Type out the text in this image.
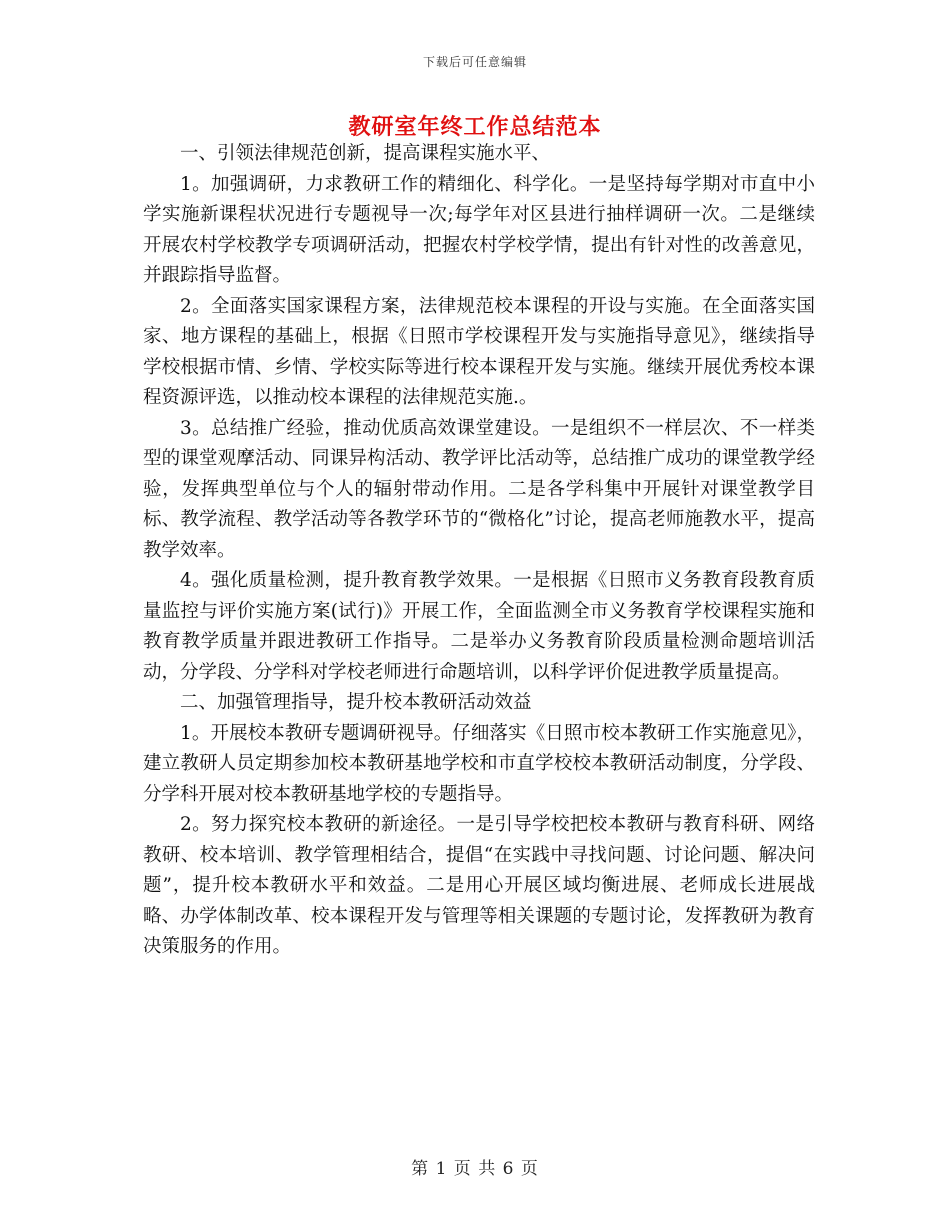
下载后可任意编辑
教研室年终工作总结范本

一、引领法律规范创新，提高课程实施水平、

1。加强调研，力求教研工作的精细化、科学化。一是坚持每学期对市直中小学实施新课程状况进行专题视导一次;每学年对区县进行抽样调研一次。二是继续开展农村学校教学专项调研活动，把握农村学校学情，提出有针对性的改善意见，并跟踪指导监督。

2。全面落实国家课程方案，法律规范校本课程的开设与实施。在全面落实国家、地方课程的基础上，根据《日照市学校课程开发与实施指导意见》，继续指导学校根据市情、乡情、学校实际等进行校本课程开发与实施。继续开展优秀校本课程资源评选，以推动校本课程的法律规范实施.。

3。总结推广经验，推动优质高效课堂建设。一是组织不一样层次、不一样类型的课堂观摩活动、同课异构活动、教学评比活动等，总结推广成功的课堂教学经验，发挥典型单位与个人的辐射带动作用。二是各学科集中开展针对课堂教学目标、教学流程、教学活动等各教学环节的“微格化”讨论，提高老师施教水平，提高教学效率。

4。强化质量检测，提升教育教学效果。一是根据《日照市义务教育段教育质量监控与评价实施方案(试行)》开展工作，全面监测全市义务教育学校课程实施和教育教学质量并跟进教研工作指导。二是举办义务教育阶段质量检测命题培训活动，分学段、分学科对学校老师进行命题培训，以科学评价促进教学质量提高。

二、加强管理指导，提升校本教研活动效益

1。开展校本教研专题调研视导。仔细落实《日照市校本教研工作实施意见》，建立教研人员定期参加校本教研基地学校和市直学校校本教研活动制度，分学段、分学科开展对校本教研基地学校的专题指导。

2。努力探究校本教研的新途径。一是引导学校把校本教研与教育科研、网络教研、校本培训、教学管理相结合，提倡“在实践中寻找问题、讨论问题、解决问题”，提升校本教研水平和效益。二是用心开展区域均衡进展、老师成长进展战略、办学体制改革、校本课程开发与管理等相关课题的专题讨论，发挥教研为教育决策服务的作用。

第 1 页 共 6 页
